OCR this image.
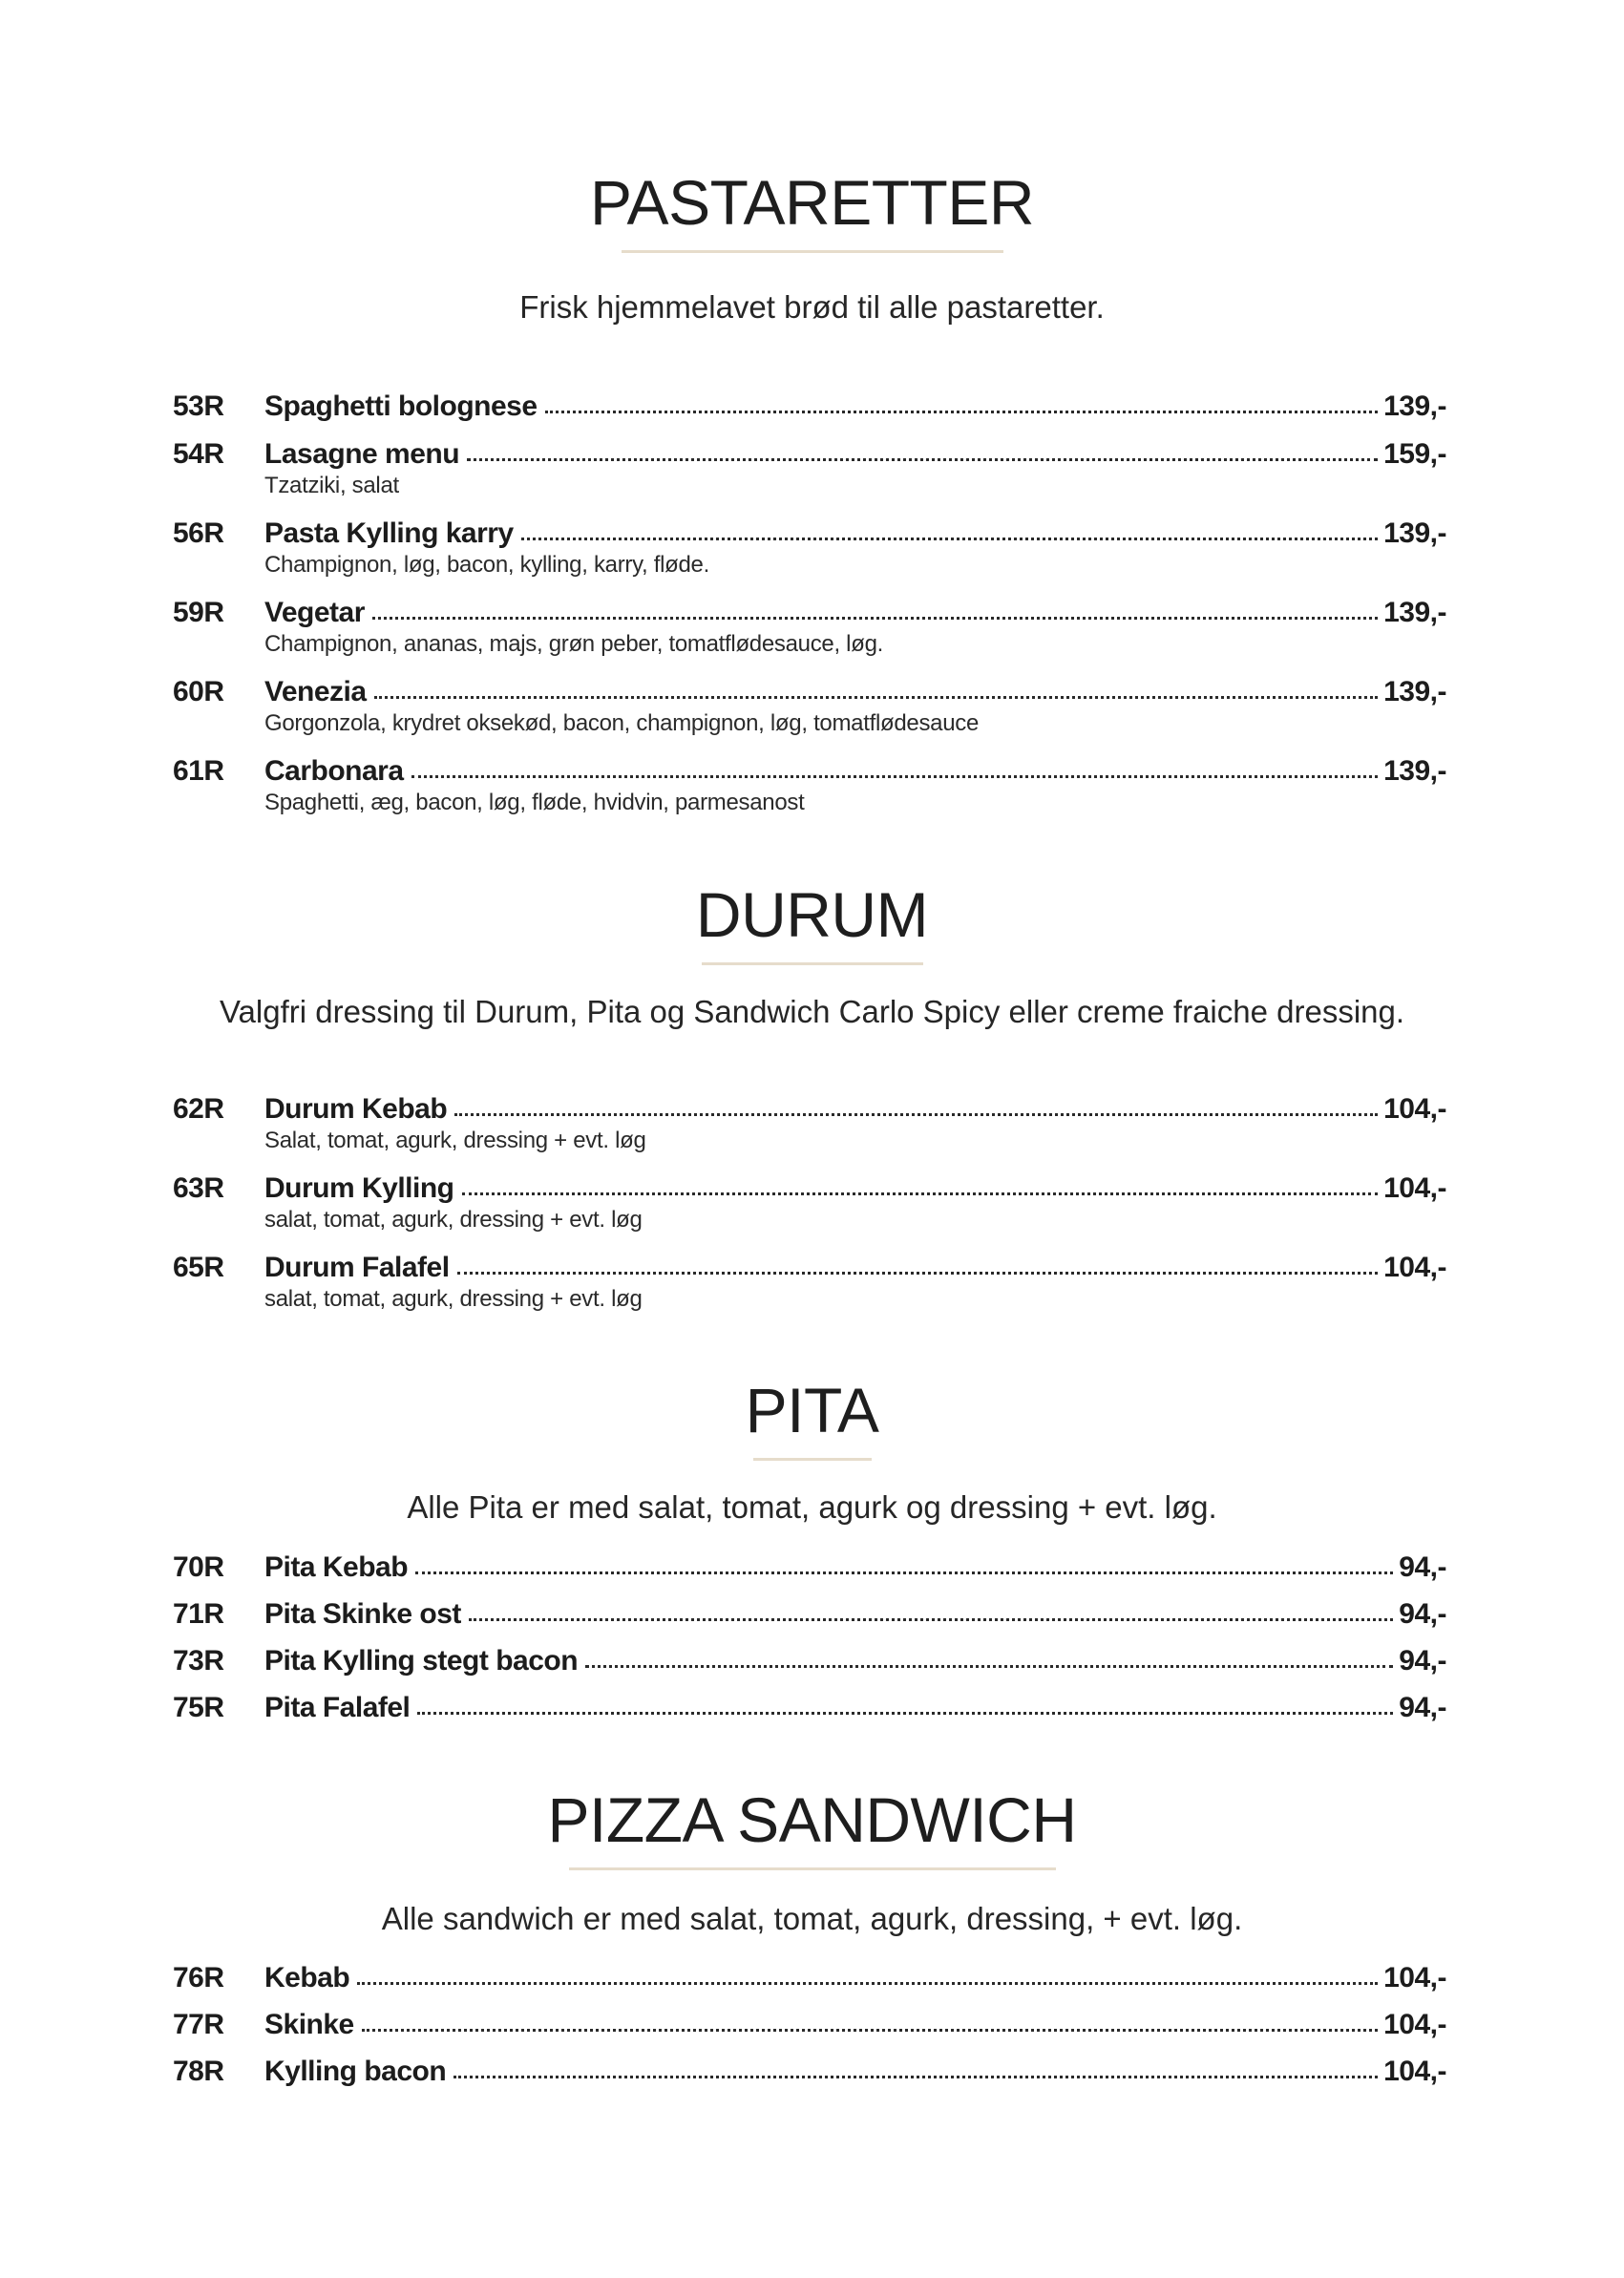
PASTARETTER

Frisk hjemmelavet brød til alle pastaretter.

53R Spaghetti bolognese	139,-
54R Lasagne menu	159,-
Tzatziki, salat
56R Pasta Kylling karry	139,-
Champignon, løg, bacon, kylling, karry, fløde.
59R Vegetar	139,-
Champignon, ananas, majs, grøn peber, tomatflødesauce, løg.
60R Venezia	139,-
Gorgonzola, krydret oksekød, bacon, champignon, løg, tomatflødesauce
61R Carbonara	139,-
Spaghetti, æg, bacon, løg, fløde, hvidvin, parmesanost
DURUM

Valgfri dressing til Durum, Pita og Sandwich Carlo Spicy eller creme fraiche dressing.

62R Durum Kebab	104,-
Salat, tomat, agurk, dressing + evt. løg
63R Durum Kylling	104,-
salat, tomat, agurk, dressing + evt. løg
65R Durum Falafel	104,-
salat, tomat, agurk, dressing + evt. løg
PITA

Alle Pita er med salat, tomat, agurk og dressing + evt. løg.

70R Pita Kebab	94,-
71R Pita Skinke ost	94,-
73R Pita Kylling stegt bacon	94,-
75R Pita Falafel	94,-
PIZZA SANDWICH

Alle sandwich er med salat, tomat, agurk, dressing, + evt. løg.

76R Kebab	104,-
77R Skinke	104,-
78R Kylling bacon	104,-
